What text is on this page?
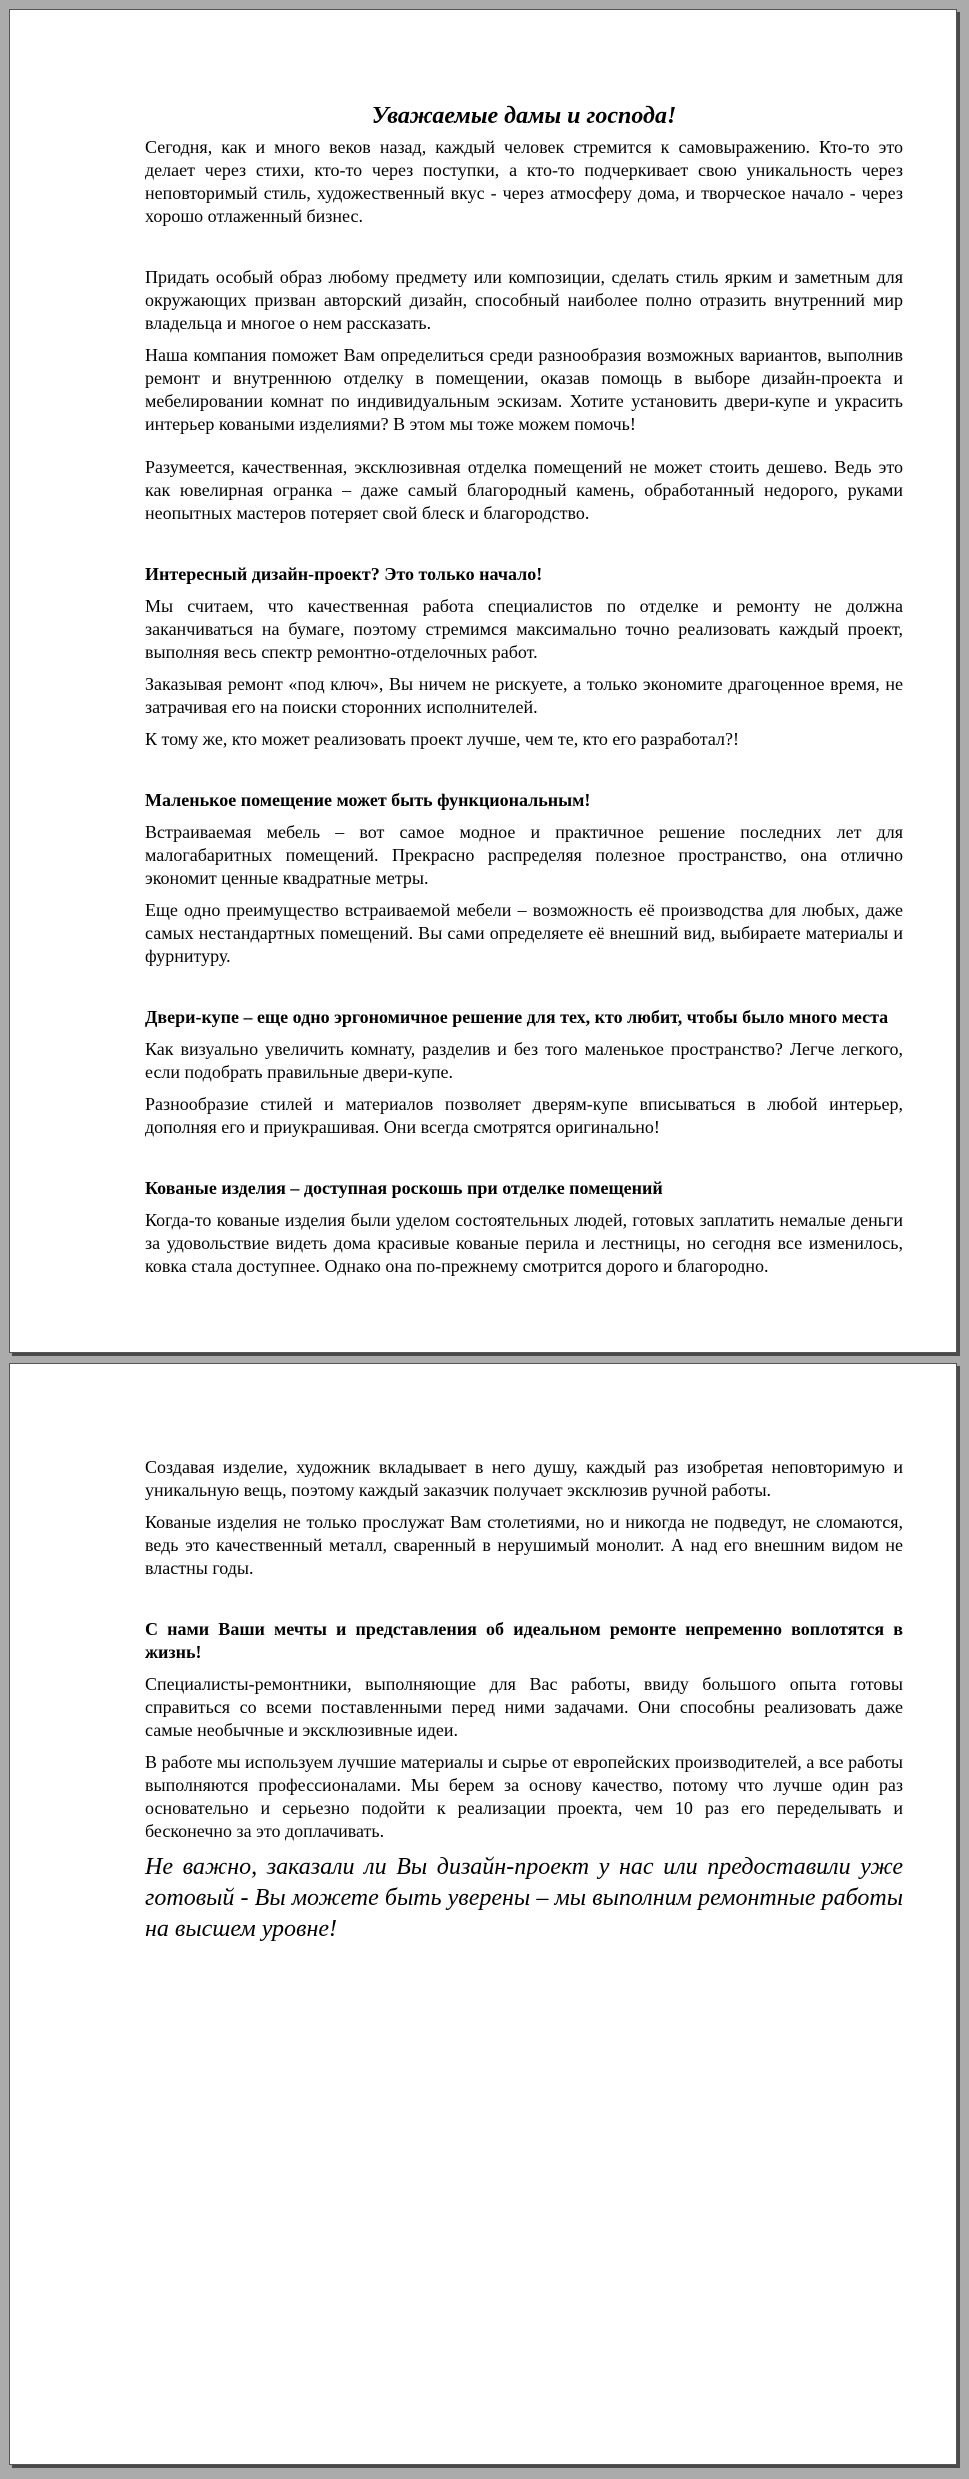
Уважаемые дамы и господа!

Сегодня, как и много веков назад, каждый человек стремится к самовыражению. Кто-то это делает через стихи, кто-то через поступки, а кто-то подчеркивает свою уникальность через неповторимый стиль, художественный вкус - через атмосферу дома, и творческое начало - через хорошо отлаженный бизнес.

Придать особый образ любому предмету или композиции, сделать стиль ярким и заметным для окружающих призван авторский дизайн, способный наиболее полно отразить внутренний мир владельца и многое о нем рассказать.

Наша компания поможет Вам определиться среди разнообразия возможных вариантов, выполнив ремонт и внутреннюю отделку в помещении, оказав помощь в выборе дизайн-проекта и мебелировании комнат по индивидуальным эскизам. Хотите установить двери-купе и украсить интерьер коваными изделиями? В этом мы тоже можем помочь!

Разумеется, качественная, эксклюзивная отделка помещений не может стоить дешево. Ведь это как ювелирная огранка – даже самый благородный камень, обработанный недорого, руками неопытных мастеров потеряет свой блеск и благородство.

Интересный дизайн-проект? Это только начало!

Мы считаем, что качественная работа специалистов по отделке и ремонту не должна заканчиваться на бумаге, поэтому стремимся максимально точно реализовать каждый проект, выполняя весь спектр ремонтно-отделочных работ.

Заказывая ремонт «под ключ», Вы ничем не рискуете, а только экономите драгоценное время, не затрачивая его на поиски сторонних исполнителей.

К тому же, кто может реализовать проект лучше, чем те, кто его разработал?!

Маленькое помещение может быть функциональным!

Встраиваемая мебель – вот самое модное и практичное решение последних лет для малогабаритных помещений. Прекрасно распределяя полезное пространство, она отлично экономит ценные квадратные метры.

Еще одно преимущество встраиваемой мебели – возможность её производства для любых, даже самых нестандартных помещений. Вы сами определяете её внешний вид, выбираете материалы и фурнитуру.

Двери-купе – еще одно эргономичное решение для тех, кто любит, чтобы было много места

Как визуально увеличить комнату, разделив и без того маленькое пространство? Легче легкого, если подобрать правильные двери-купе.

Разнообразие стилей и материалов позволяет дверям-купе вписываться в любой интерьер, дополняя его и приукрашивая. Они всегда смотрятся оригинально!

Кованые изделия – доступная роскошь при отделке помещений

Когда-то кованые изделия были уделом состоятельных людей, готовых заплатить немалые деньги за удовольствие видеть дома красивые кованые перила и лестницы, но сегодня все изменилось, ковка стала доступнее. Однако она по-прежнему смотрится дорого и благородно.

Создавая изделие, художник вкладывает в него душу, каждый раз изобретая неповторимую и уникальную вещь, поэтому каждый заказчик получает эксклюзив ручной работы.

Кованые изделия не только прослужат Вам столетиями, но и никогда не подведут, не сломаются, ведь это качественный металл, сваренный в нерушимый монолит. А над его внешним видом не властны годы.

С нами Ваши мечты и представления об идеальном ремонте непременно воплотятся в жизнь!

Специалисты-ремонтники, выполняющие для Вас работы, ввиду большого опыта готовы справиться со всеми поставленными перед ними задачами. Они способны реализовать даже самые необычные и эксклюзивные идеи.

В работе мы используем лучшие материалы и сырье от европейских производителей, а все работы выполняются профессионалами. Мы берем за основу качество, потому что лучше один раз основательно и серьезно подойти к реализации проекта, чем 10 раз его переделывать и бесконечно за это доплачивать.

Не важно, заказали ли Вы дизайн-проект у нас или предоставили уже готовый - Вы можете быть уверены – мы выполним ремонтные работы на высшем уровне!
